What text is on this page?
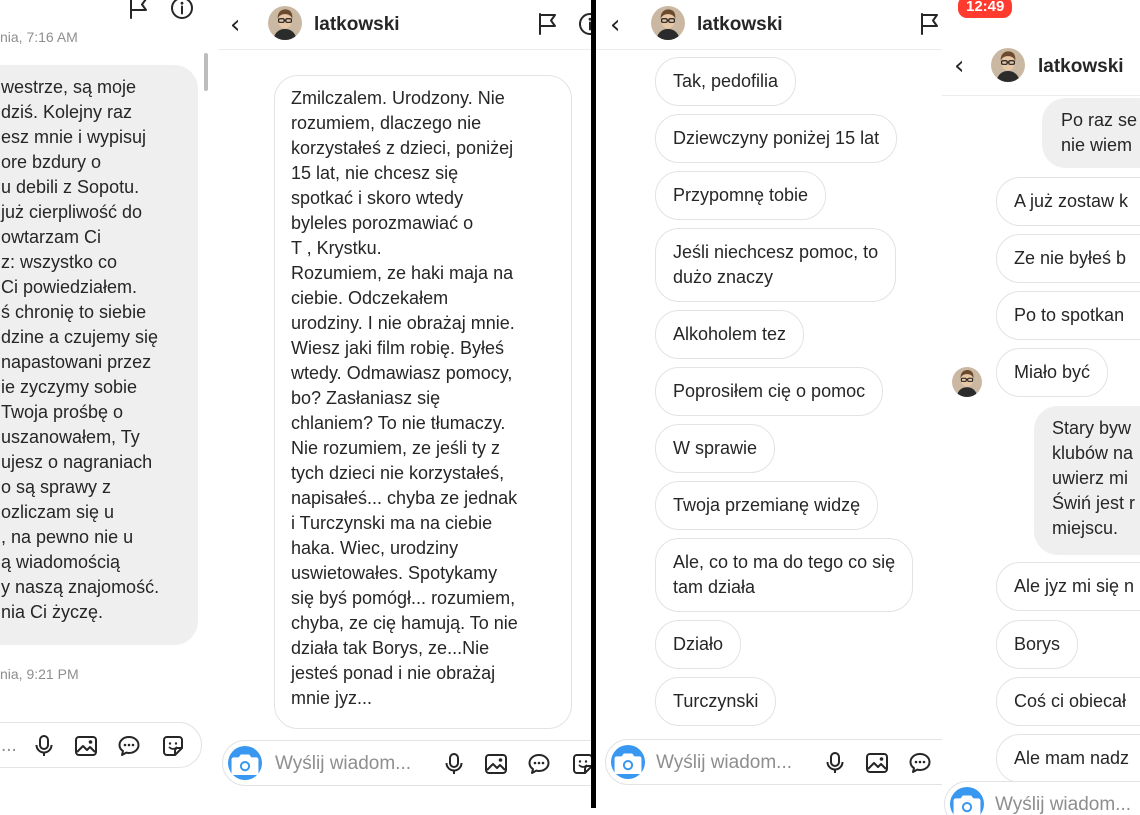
nia, 7:16 AM
westrze, są moje
dziś. Kolejny raz
esz mnie i wypisuj
ore bzdury o
u debili z Sopotu.
już cierpliwość do
owtarzam Ci
z: wszystko co
Ci powiedziałem.
ś chronię to siebie
dzine a czujemy się
napastowani przez
ie zyczymy sobie
Twoja prośbę o
uszanowałem, Ty
ujesz o nagraniach
o są sprawy z
ozliczam się u
, na pewno nie u
ą wiadomością
y naszą znajomość.
nia Ci życzę.
nia, 9:21 PM
...
‹	latkowski
Zmilczalem. Urodzony. Nie
rozumiem, dlaczego nie
korzystałeś z dzieci, poniżej
15 lat, nie chcesz się
spotkać i skoro wtedy
byleles porozmawiać o
T , Krystku.
Rozumiem, ze haki maja na
ciebie. Odczekałem
urodziny. I nie obrażaj mnie.
Wiesz jaki film robię. Byłeś
wtedy. Odmawiasz pomocy,
bo? Zasłaniasz się
chlaniem? To nie tłumaczy.
Nie rozumiem, ze jeśli ty z
tych dzieci nie korzystałeś,
napisałeś... chyba ze jednak
i Turczynski ma na ciebie
haka. Wiec, urodziny
uswietowałes. Spotykamy
się byś pomógł... rozumiem,
chyba, ze cię hamują. To nie
działa tak Borys, ze...Nie
jesteś ponad i nie obrażaj
mnie jyz...
Wyślij wiadom...
‹	latkowski
Tak, pedofilia
Dziewczyny poniżej 15 lat
Przypomnę tobie
Jeśli niechcesz pomoc, to
dużo znaczy
Alkoholem tez
Poprosiłem cię o pomoc
W sprawie
Twoja przemianę widzę
Ale, co to ma do tego co się
tam działa
Działo
Turczynski
Wyślij wiadom...
12:49
‹	latkowski
Po raz se
nie wiem
A już zostaw k
Ze nie byłeś b
Po to spotkan
Miało być
Stary byw
klubów na
uwierz mi
Świń jest r
miejscu.
Ale jyz mi się n
Borys
Coś ci obiecał
Ale mam nadz
Wyślij wiadom...
